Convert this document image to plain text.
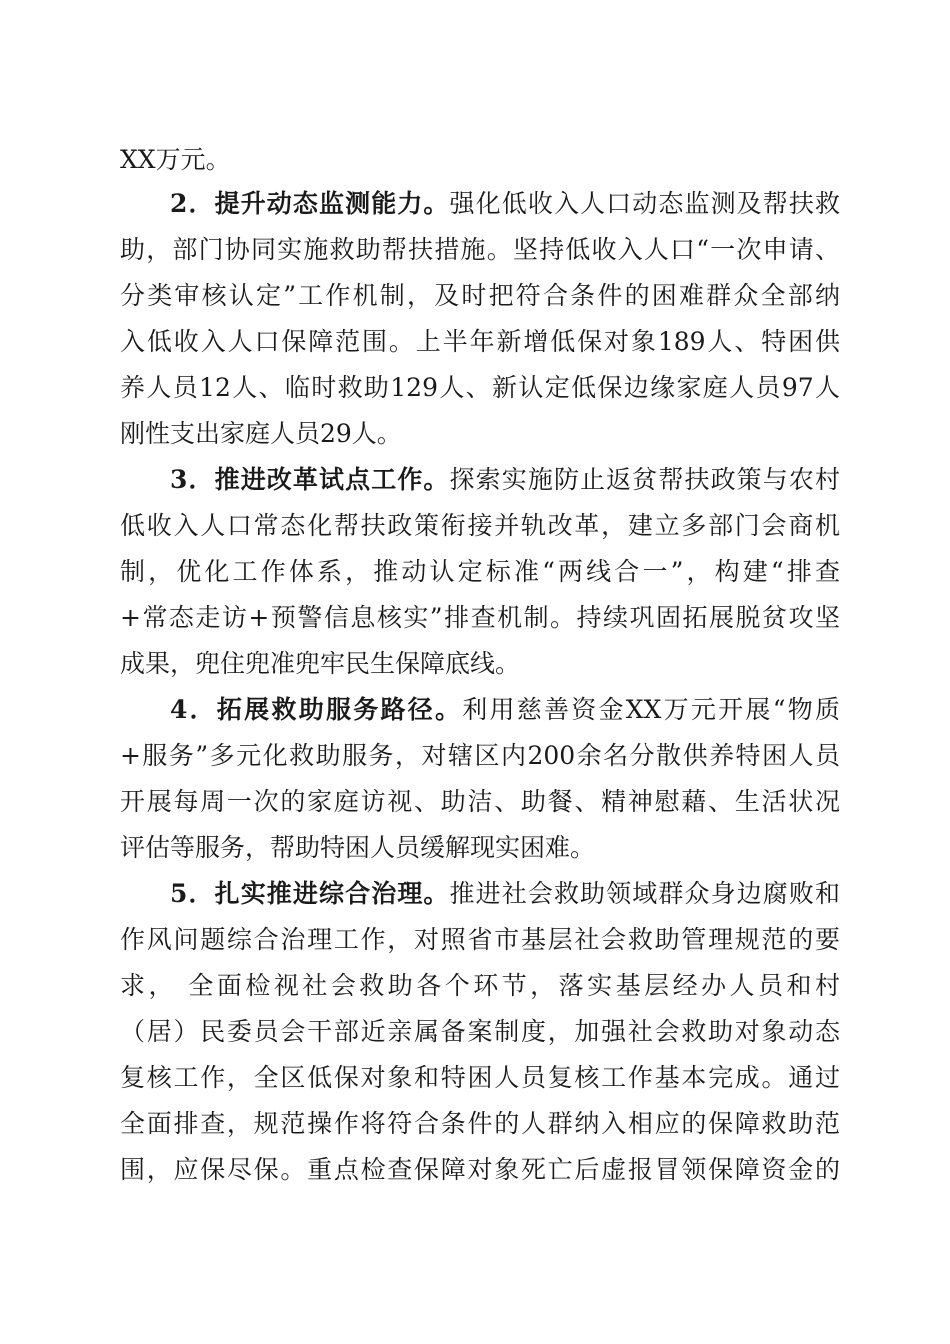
XX万元。
2．提升动态监测能力。强化低收入人口动态监测及帮扶救
助，部门协同实施救助帮扶措施。坚持低收入人口“一次申请、
分类审核认定”工作机制，及时把符合条件的困难群众全部纳
入低收入人口保障范围。上半年新增低保对象189人、特困供
养人员12人、临时救助129人、新认定低保边缘家庭人员97人
刚性支出家庭人员29人。
3．推进改革试点工作。探索实施防止返贫帮扶政策与农村
低收入人口常态化帮扶政策衔接并轨改革，建立多部门会商机
制，优化工作体系，推动认定标准“两线合一”，构建“排查
+常态走访+预警信息核实”排查机制。持续巩固拓展脱贫攻坚
成果，兜住兜准兜牢民生保障底线。
4．拓展救助服务路径。利用慈善资金XX万元开展“物质
+服务”多元化救助服务，对辖区内200余名分散供养特困人员
开展每周一次的家庭访视、助洁、助餐、精神慰藉、生活状况
评估等服务，帮助特困人员缓解现实困难。
5．扎实推进综合治理。推进社会救助领域群众身边腐败和
作风问题综合治理工作，对照省市基层社会救助管理规范的要
求， 全面检视社会救助各个环节，落实基层经办人员和村
（居）民委员会干部近亲属备案制度，加强社会救助对象动态
复核工作，全区低保对象和特困人员复核工作基本完成。通过
全面排查，规范操作将符合条件的人群纳入相应的保障救助范
围，应保尽保。重点检查保障对象死亡后虚报冒领保障资金的
